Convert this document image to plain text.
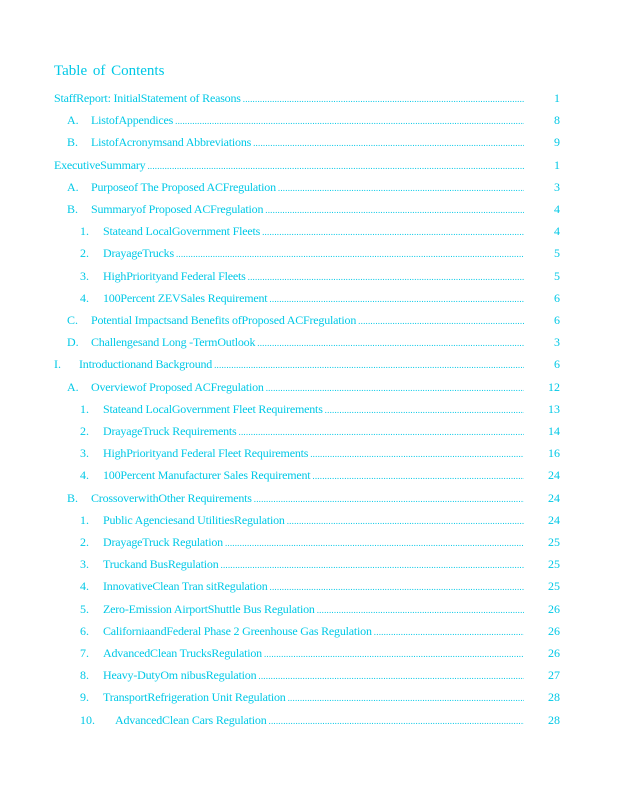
Table of Contents
StaffReport: InitialStatement of Reasons .....	1
A.	ListofAppendices .....	8
B.	ListofAcronymsand Abbreviations .....	9
ExecutiveSummary .....	1
A.	Purposeof The Proposed ACFregulation .....	3
B.	Summaryof Proposed ACFregulation .....	4
1.	Stateand LocalGovernment Fleets .....	4
2.	DrayageTrucks .....	5
3.	HighPriorityand Federal Fleets .....	5
4.	100Percent ZEVSales Requirement .....	6
C.	Potential Impactsand Benefits ofProposed ACFregulation .....	6
D.	Challengesand Long -TermOutlook .....	3
I.	Introductionand Background .....	6
A.	Overviewof Proposed ACFregulation .....	12
1.	Stateand LocalGovernment Fleet Requirements .....	13
2.	DrayageTruck Requirements .....	14
3.	HighPriorityand Federal Fleet Requirements .....	16
4.	100Percent Manufacturer Sales Requirement .....	24
B.	CrossoverwithOther Requirements .....	24
1.	Public Agenciesand UtilitiesRegulation .....	24
2.	DrayageTruck Regulation .....	25
3.	Truckand BusRegulation .....	25
4.	InnovativeClean Tran sitRegulation .....	25
5.	Zero-Emission AirportShuttle Bus Regulation .....	26
6.	CaliforniaandFederal Phase 2 Greenhouse Gas Regulation .....	26
7.	AdvancedClean TrucksRegulation .....	26
8.	Heavy-DutyOm nibusRegulation .....	27
9.	TransportRefrigeration Unit Regulation .....	28
10.	AdvancedClean Cars Regulation .....	28
